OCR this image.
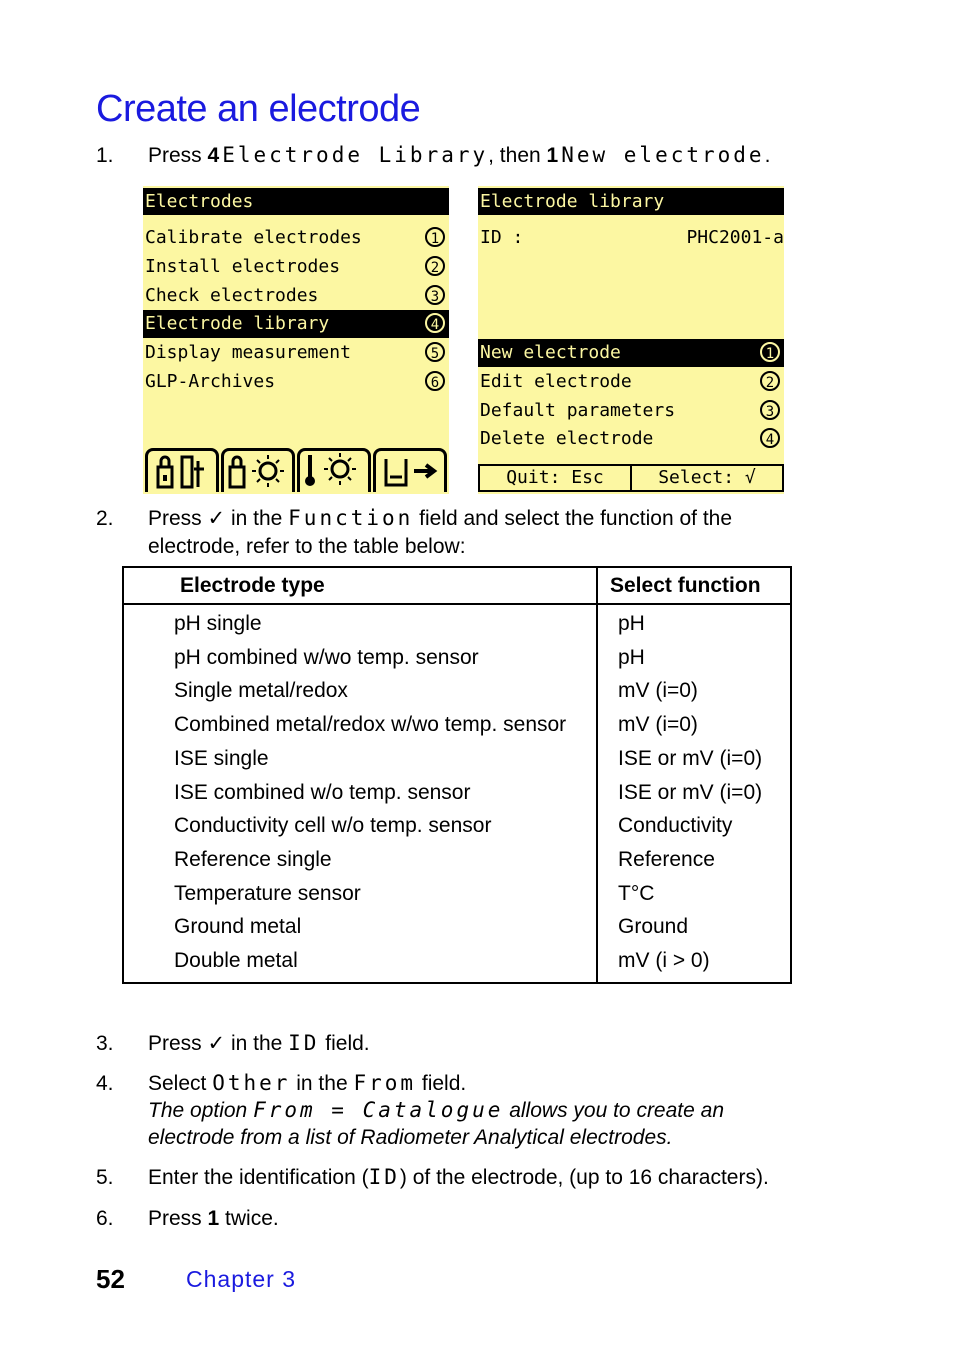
Create an electrode
1.	Press 4 Electrode Library, then 1 New electrode.
Electrodes
Calibrate electrodes	1
Install electrodes	2
Check electrodes	3
Electrode library	4
Display measurement	5
GLP-Archives	6
Electrode library
ID :	PHC2001-a
New electrode	1
Edit electrode	2
Default parameters	3
Delete electrode	4
Quit: Esc	Select: √
2.	Press ✓ in the Function field and select the function of the
electrode, refer to the table below:
Electrode type	Select function
pH single	pH
pH combined w/wo temp. sensor	pH
Single metal/redox	mV (i=0)
Combined metal/redox w/wo temp. sensor mV (i=0)
ISE single	ISE or mV (i=0)
ISE combined w/o temp. sensor	ISE or mV (i=0)
Conductivity cell w/o temp. sensor	Conductivity
Reference single	Reference
Temperature sensor	T°C
Ground metal	Ground
Double metal	mV (i > 0)
3.	Press ✓ in the ID field.
4.	Select Other in the From field.
The option From = Catalogue allows you to create an
electrode from a list of Radiometer Analytical electrodes.
5.	Enter the identification (ID) of the electrode, (up to 16 characters).
6.	Press 1 twice.
52	Chapter 3
